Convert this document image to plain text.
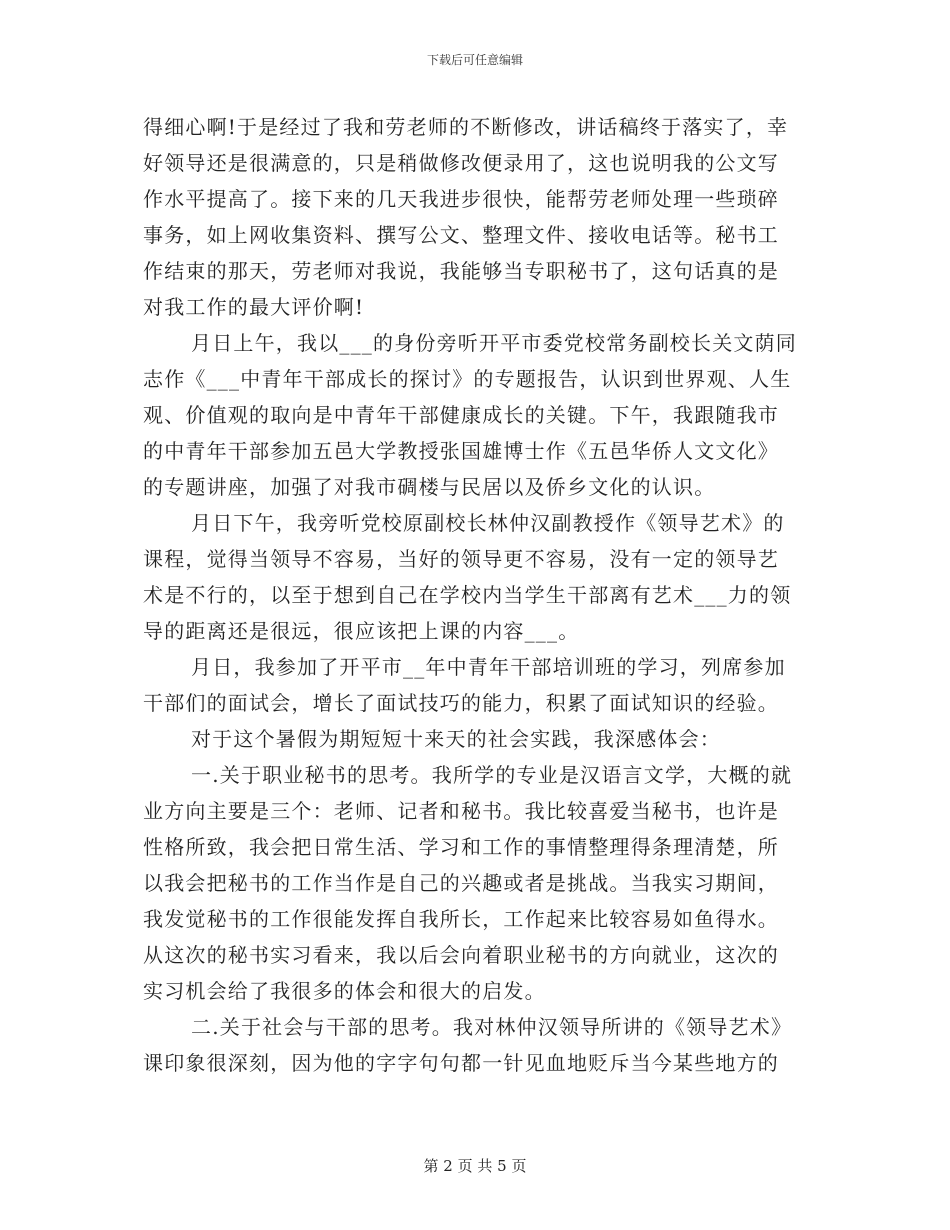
下载后可任意编辑
得细心啊!于是经过了我和劳老师的不断修改，讲话稿终于落实了，幸
好领导还是很满意的，只是稍做修改便录用了，这也说明我的公文写
作水平提高了。接下来的几天我进步很快，能帮劳老师处理一些琐碎
事务，如上网收集资料、撰写公文、整理文件、接收电话等。秘书工
作结束的那天，劳老师对我说，我能够当专职秘书了，这句话真的是
对我工作的最大评价啊!
月日上午，我以___的身份旁听开平市委党校常务副校长关文荫同
志作《___中青年干部成长的探讨》的专题报告，认识到世界观、人生
观、价值观的取向是中青年干部健康成长的关键。下午，我跟随我市
的中青年干部参加五邑大学教授张国雄博士作《五邑华侨人文文化》
的专题讲座，加强了对我市碉楼与民居以及侨乡文化的认识。
月日下午，我旁听党校原副校长林仲汉副教授作《领导艺术》的
课程，觉得当领导不容易，当好的领导更不容易，没有一定的领导艺
术是不行的，以至于想到自己在学校内当学生干部离有艺术___力的领
导的距离还是很远，很应该把上课的内容___。
月日，我参加了开平市__年中青年干部培训班的学习，列席参加
干部们的面试会，增长了面试技巧的能力，积累了面试知识的经验。
对于这个暑假为期短短十来天的社会实践，我深感体会：
一.关于职业秘书的思考。我所学的专业是汉语言文学，大概的就
业方向主要是三个：老师、记者和秘书。我比较喜爱当秘书，也许是
性格所致，我会把日常生活、学习和工作的事情整理得条理清楚，所
以我会把秘书的工作当作是自己的兴趣或者是挑战。当我实习期间，
我发觉秘书的工作很能发挥自我所长，工作起来比较容易如鱼得水。
从这次的秘书实习看来，我以后会向着职业秘书的方向就业，这次的
实习机会给了我很多的体会和很大的启发。
二.关于社会与干部的思考。我对林仲汉领导所讲的《领导艺术》
课印象很深刻，因为他的字字句句都一针见血地贬斥当今某些地方的
第 2 页 共 5 页
